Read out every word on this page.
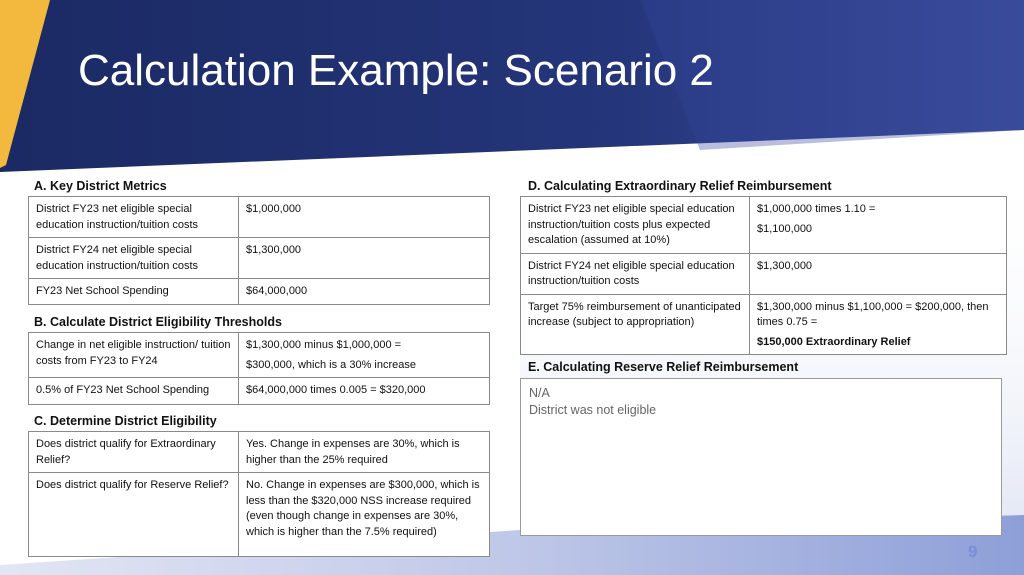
Calculation Example: Scenario 2
A. Key District Metrics
District FY23 net eligible special education instruction/tuition costs	$1,000,000
District FY24 net eligible special education instruction/tuition costs	$1,300,000
FY23 Net School Spending	$64,000,000
B. Calculate District Eligibility Thresholds
Change in net eligible instruction/ tuition costs from FY23 to FY24	$1,300,000 minus $1,000,000 =
$300,000, which is a 30% increase

0.5% of FY23 Net School Spending	$64,000,000 times 0.005 = $320,000
C. Determine District Eligibility
Does district qualify for Extraordinary Relief?	Yes. Change in expenses are 30%, which is higher than the 25% required
Does district qualify for Reserve Relief?	No. Change in expenses are $300,000, which is less than the $320,000 NSS increase required (even though change in expenses are 30%, which is higher than the 7.5% required)
D. Calculating Extraordinary Relief Reimbursement
District FY23 net eligible special education instruction/tuition costs plus expected escalation (assumed at 10%)	$1,000,000 times 1.10 =
$1,100,000

District FY24 net eligible special education instruction/tuition costs	$1,300,000
Target 75% reimbursement of unanticipated increase (subject to appropriation)	$1,300,000 minus $1,100,000 = $200,000, then times 0.75 =
$150,000 Extraordinary Relief
E. Calculating Reserve Relief Reimbursement
N/A
District was not eligible
9
